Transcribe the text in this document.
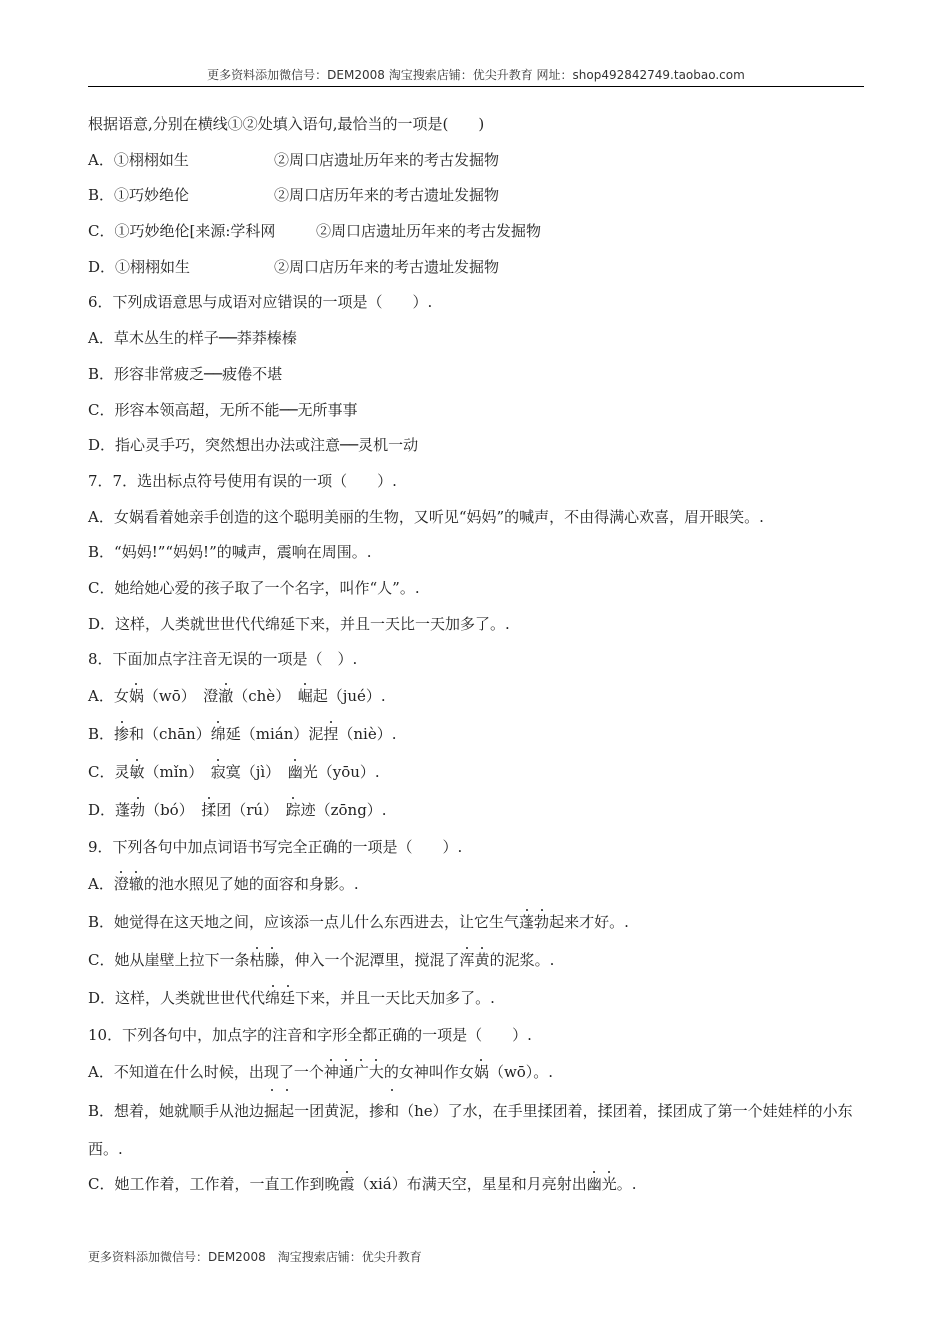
更多资料添加微信号：DEM2008 淘宝搜索店铺：优尖升教育 网址：shop492842749.taobao.com
根据语意,分别在横线①②处填入语句,最恰当的一项是(　　)
A．①栩栩如生	②周口店遗址历年来的考古发掘物
B．①巧妙绝伦	②周口店历年来的考古遗址发掘物
C．①巧妙绝伦[来源:学科网	②周口店遗址历年来的考古发掘物
D．①栩栩如生	②周口店历年来的考古遗址发掘物
6．下列成语意思与成语对应错误的一项是（　　）.
A．草木丛生的样子──莽莽榛榛
B．形容非常疲乏──疲倦不堪
C．形容本领高超，无所不能──无所事事
D．指心灵手巧，突然想出办法或注意──灵机一动
7．7．选出标点符号使用有误的一项（　　）.
A．女娲看着她亲手创造的这个聪明美丽的生物，又听见“妈妈”的喊声，不由得满心欢喜，眉开眼笑。.
B．“妈妈!”“妈妈!”的喊声，震响在周围。.
C．她给她心爱的孩子取了一个名字，叫作“人”。.
D．这样，人类就世世代代绵延下来，并且一天比一天加多了。.
8．下面加点字注音无误的一项是（　）.
A．女娲（wō）　澄澈（chè）　 崛起（jué）.
B．掺和（chān）绵延（mián）泥捏（niè）.
C．灵敏（mǐn）　 寂寞（jì）　 幽光（yōu）.
D．蓬勃（bó）　 揉团（rú）　 踪迹（zōng）.
9．下列各句中加点词语书写完全正确的一项是（　　）.
A．澄辙的池水照见了她的面容和身影。.
B．她觉得在这天地之间，应该添一点儿什么东西进去，让它生气蓬勃起来才好。.
C．她从崖壁上拉下一条枯滕，伸入一个泥潭里，搅混了浑黄的泥浆。.
D．这样，人类就世世代代绵廷下来，并且一天比天加多了。.
10．下列各句中，加点字的注音和字形全都正确的一项是（　　）.
A．不知道在什么时候，出现了一个神通广大的女神叫作女娲（wō）。.
B．想着，她就顺手从池边掘起一团黄泥，掺和（he）了水，在手里揉团着，揉团着，揉团成了第一个娃娃样的小东西。.
C．她工作着，工作着，一直工作到晚霞（xiá）布满天空，星星和月亮射出幽光。.
更多资料添加微信号：DEM2008　淘宝搜索店铺：优尖升教育
